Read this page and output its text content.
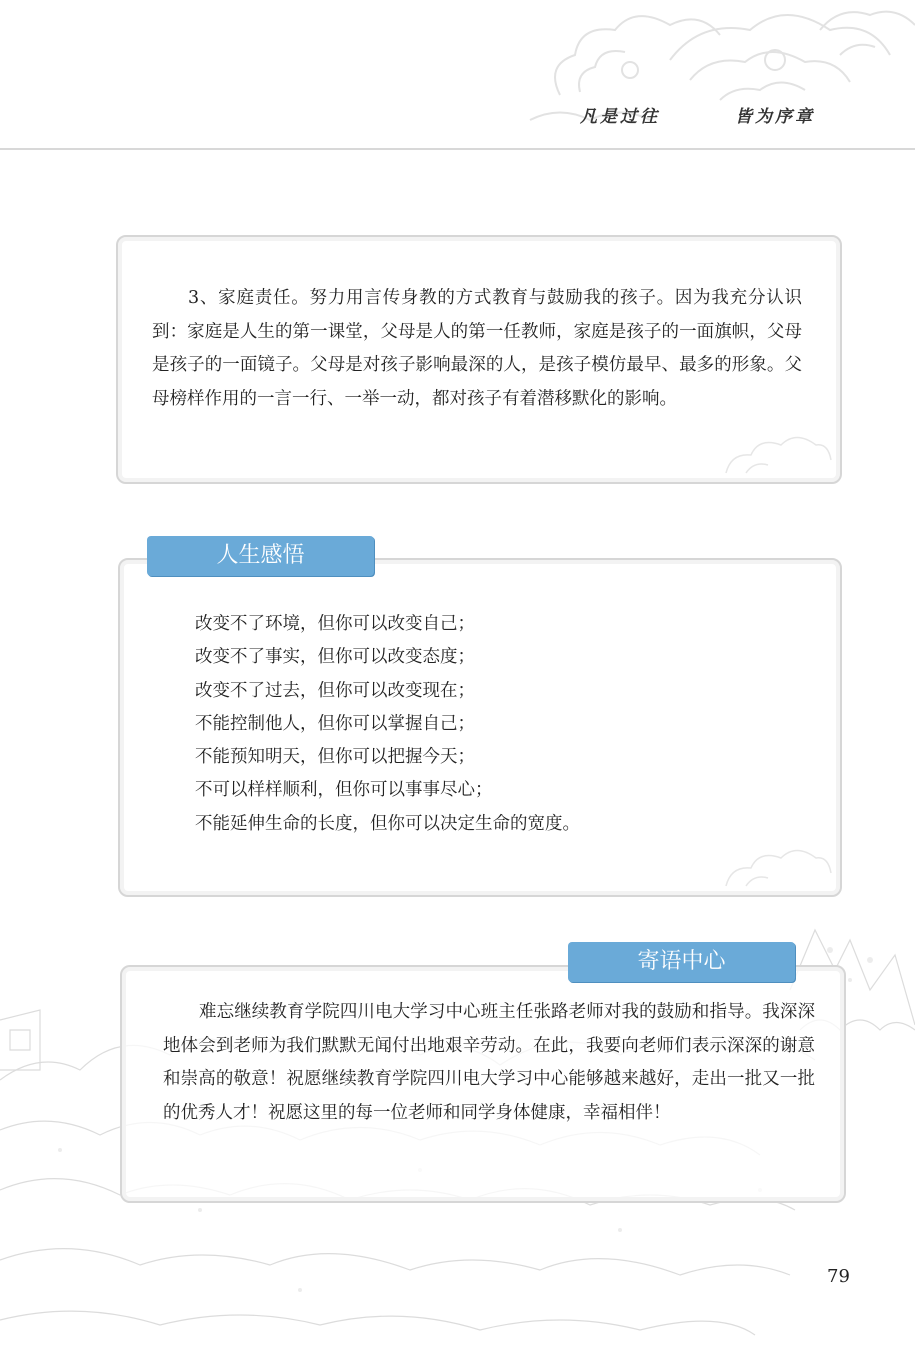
凡是过往	皆为序章
3、家庭责任。努力用言传身教的方式教育与鼓励我的孩子。因为我充分认识到：家庭是人生的第一课堂，父母是人的第一任教师，家庭是孩子的一面旗帜，父母是孩子的一面镜子。父母是对孩子影响最深的人，是孩子模仿最早、最多的形象。父母榜样作用的一言一行、一举一动，都对孩子有着潜移默化的影响。
人生感悟
改变不了环境，但你可以改变自己；
改变不了事实，但你可以改变态度；
改变不了过去，但你可以改变现在；
不能控制他人，但你可以掌握自己；
不能预知明天，但你可以把握今天；
不可以样样顺利，但你可以事事尽心；
不能延伸生命的长度，但你可以决定生命的宽度。
寄语中心
难忘继续教育学院四川电大学习中心班主任张路老师对我的鼓励和指导。我深深地体会到老师为我们默默无闻付出地艰辛劳动。在此，我要向老师们表示深深的谢意和崇高的敬意！祝愿继续教育学院四川电大学习中心能够越来越好，走出一批又一批的优秀人才！祝愿这里的每一位老师和同学身体健康，幸福相伴！
79
